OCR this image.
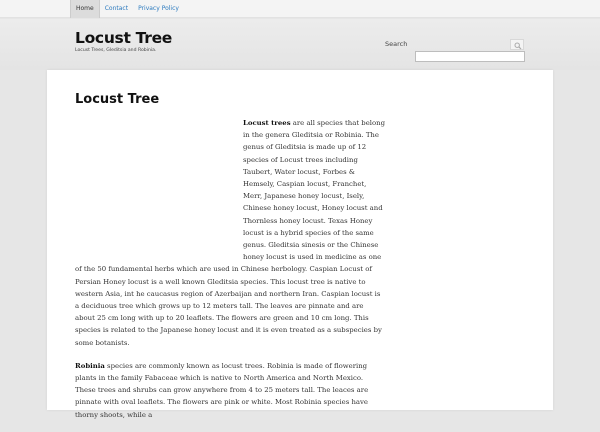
Home	Contact	Privacy Policy
Locust Tree
Locust Trees, Gleditsia and Robinia.
Search
Locust Tree

Locust trees are all species that belong in the genera Gleditsia or Robinia. The genus of Gleditsia is made up of 12 species of Locust trees including Taubert, Water locust, Forbes & Hemsely, Caspian locust, Franchet, Merr, Japanese honey locust, Isely, Chinese honey locust, Honey locust and Thornless honey locust. Texas Honey locust is a hybrid species of the same genus. Gleditsia sinesis or the Chinese honey locust is used in medicine as one of the 50 fundamental herbs which are used in Chinese herbology. Caspian Locust of Persian Honey locust is a well known Gleditsia species. This locust tree is native to western Asia, int he caucasus region of Azerbaijan and northern Iran. Caspian locust is a deciduous tree which grows up to 12 meters tall. The leaves are pinnate and are about 25 cm long with up to 20 leaflets. The flowers are green and 10 cm long. This species is related to the Japanese honey locust and it is even treated as a subspecies by some botanists.

Robinia species are commonly known as locust trees. Robinia is made of flowering plants in the family Fabaceae which is native to North America and North Mexico. These trees and shrubs can grow anywhere from 4 to 25 meters tall. The leaces are pinnate with oval leaflets. The flowers are pink or white. Most Robinia species have thorny shoots, while a
